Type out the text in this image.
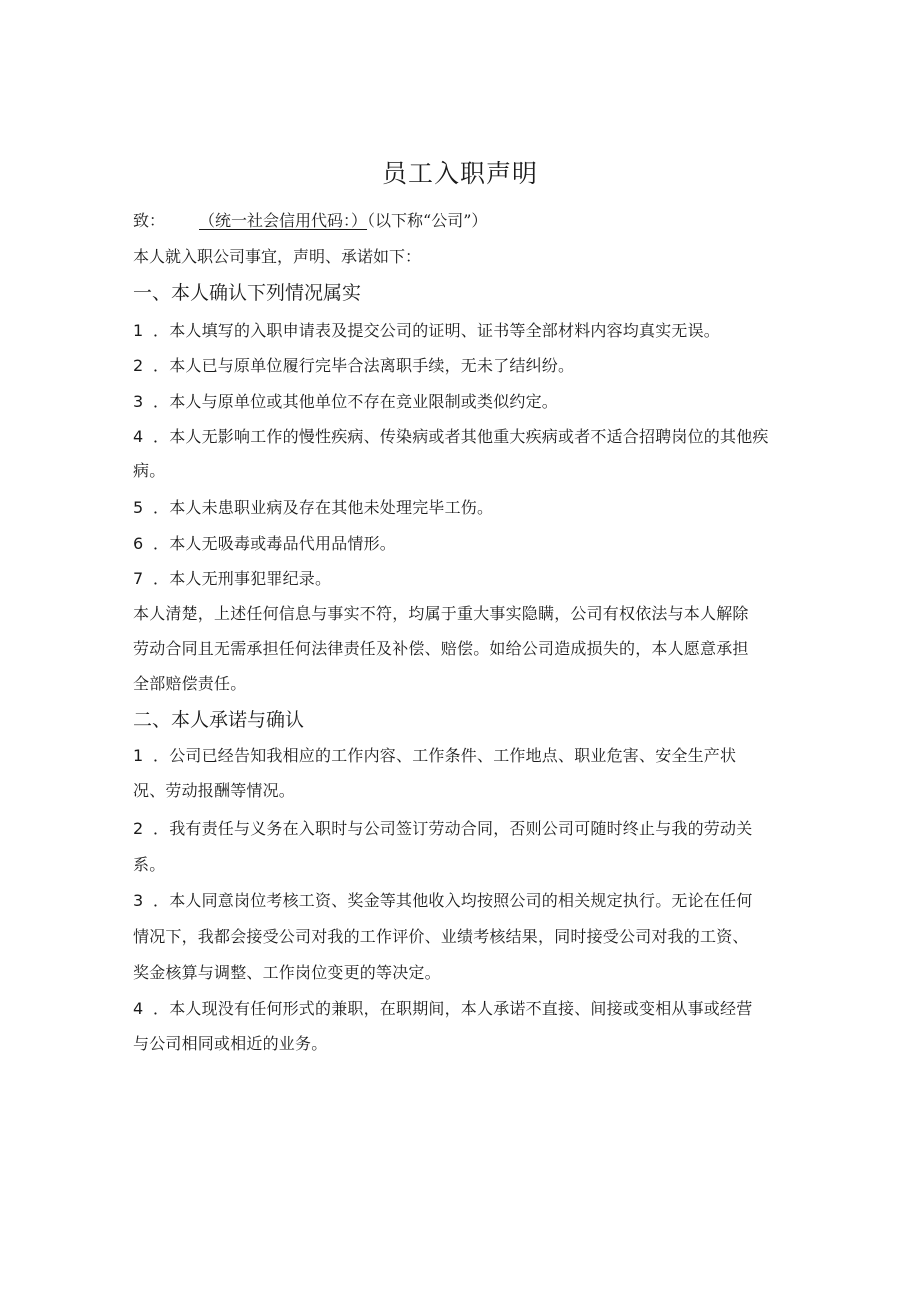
员工入职声明
致： （统一社会信用代码：）（以下称“公司”）
本人就入职公司事宜，声明、承诺如下：
一、本人确认下列情况属实
1 ．本人填写的入职申请表及提交公司的证明、证书等全部材料内容均真实无误。
2 ．本人已与原单位履行完毕合法离职手续，无未了结纠纷。
3 ．本人与原单位或其他单位不存在竞业限制或类似约定。
4 ．本人无影响工作的慢性疾病、传染病或者其他重大疾病或者不适合招聘岗位的其他疾
病。
5 ．本人未患职业病及存在其他未处理完毕工伤。
6 ．本人无吸毒或毒品代用品情形。
7 ．本人无刑事犯罪纪录。
本人清楚，上述任何信息与事实不符，均属于重大事实隐瞒，公司有权依法与本人解除
劳动合同且无需承担任何法律责任及补偿、赔偿。如给公司造成损失的，本人愿意承担
全部赔偿责任。
二、本人承诺与确认
1 ．公司已经告知我相应的工作内容、工作条件、工作地点、职业危害、安全生产状
况、劳动报酬等情况。
2 ．我有责任与义务在入职时与公司签订劳动合同，否则公司可随时终止与我的劳动关
系。
3 ．本人同意岗位考核工资、奖金等其他收入均按照公司的相关规定执行。无论在任何
情况下，我都会接受公司对我的工作评价、业绩考核结果，同时接受公司对我的工资、
奖金核算与调整、工作岗位变更的等决定。
4 ．本人现没有任何形式的兼职，在职期间，本人承诺不直接、间接或变相从事或经营
与公司相同或相近的业务。
